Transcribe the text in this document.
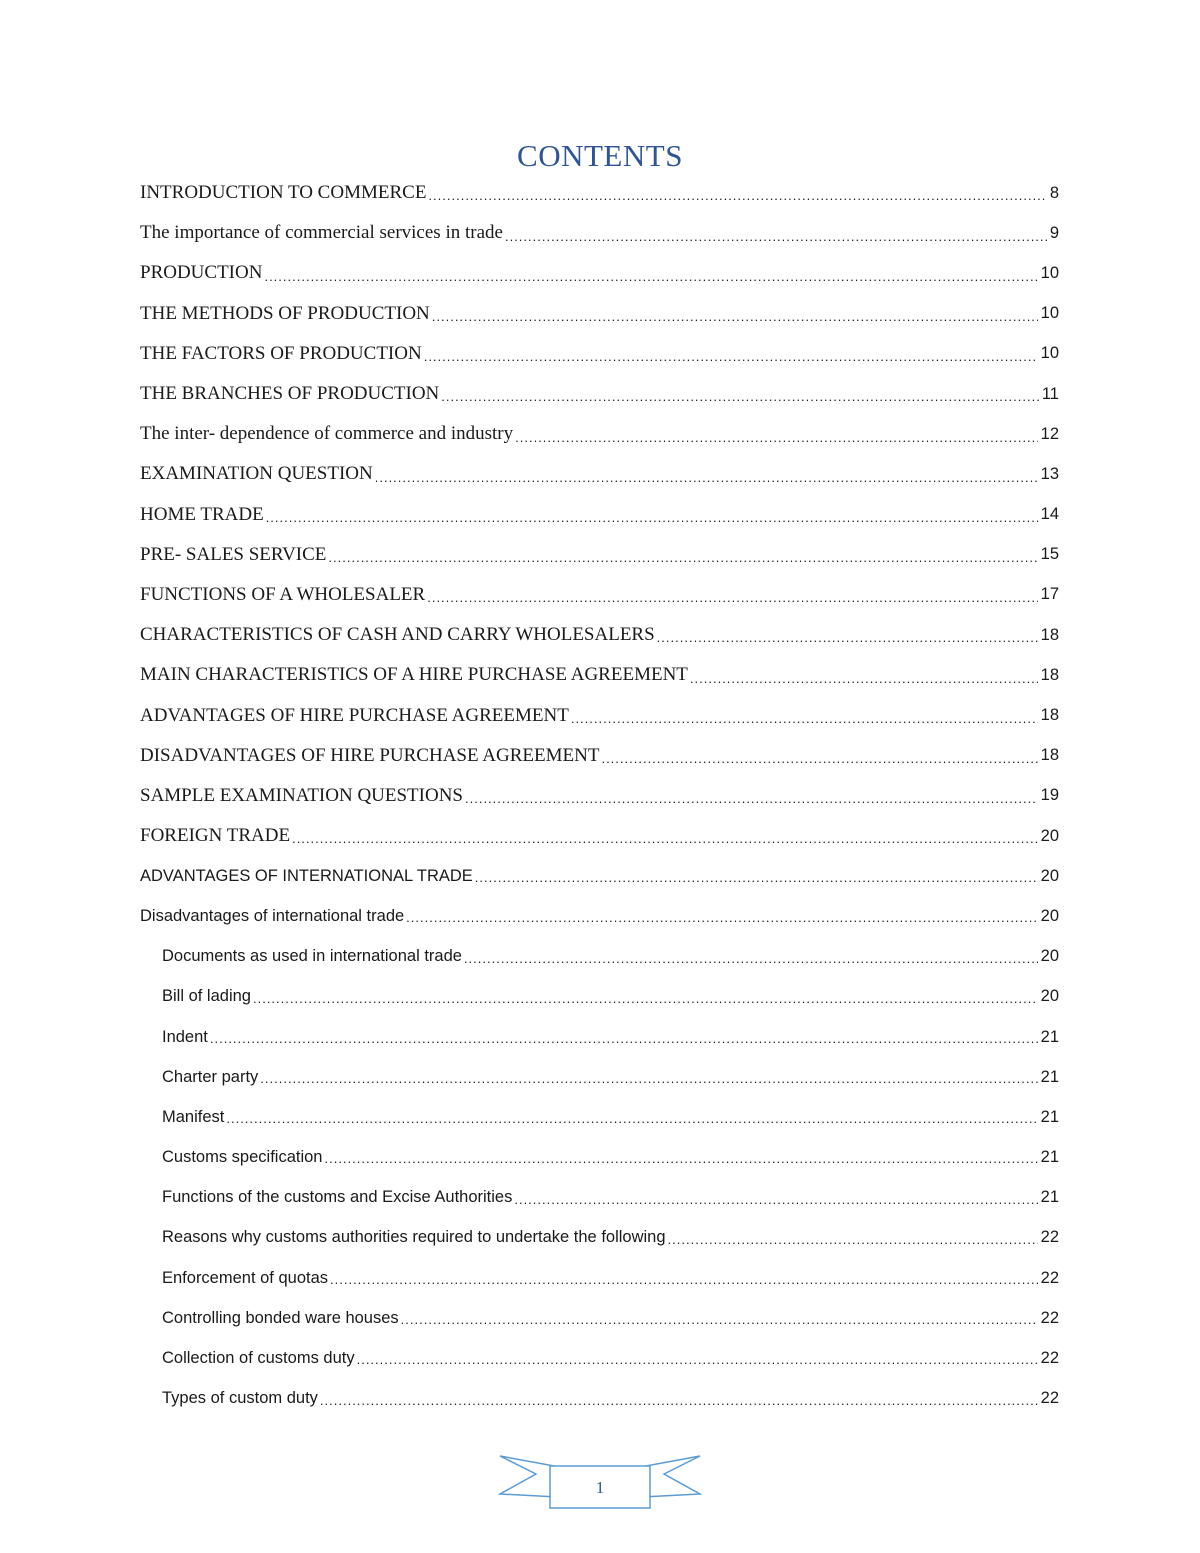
CONTENTS
INTRODUCTION TO COMMERCE .....	8
The importance of commercial services in trade .....	9
PRODUCTION .....	10
THE METHODS OF PRODUCTION .....	10
THE FACTORS OF PRODUCTION .....	10
THE BRANCHES OF PRODUCTION .....	11
The inter- dependence of commerce and industry .....	12
EXAMINATION QUESTION .....	13
HOME TRADE .....	14
PRE- SALES SERVICE .....	15
FUNCTIONS OF A WHOLESALER .....	17
CHARACTERISTICS OF CASH AND CARRY WHOLESALERS .....	18
MAIN CHARACTERISTICS OF A HIRE PURCHASE AGREEMENT .....	18
ADVANTAGES OF HIRE PURCHASE AGREEMENT .....	18
DISADVANTAGES OF HIRE PURCHASE AGREEMENT .....	18
SAMPLE EXAMINATION QUESTIONS .....	19
FOREIGN TRADE .....	20
ADVANTAGES OF INTERNATIONAL TRADE .....	20
Disadvantages of international trade .....	20
Documents as used in international trade .....	20
Bill of lading .....	20
Indent .....	21
Charter party .....	21
Manifest .....	21
Customs specification .....	21
Functions of the customs and Excise Authorities .....	21
Reasons why customs authorities required to undertake the following .....	22
Enforcement of quotas .....	22
Controlling bonded ware houses .....	22
Collection of customs duty .....	22
Types of custom duty .....	22
1
